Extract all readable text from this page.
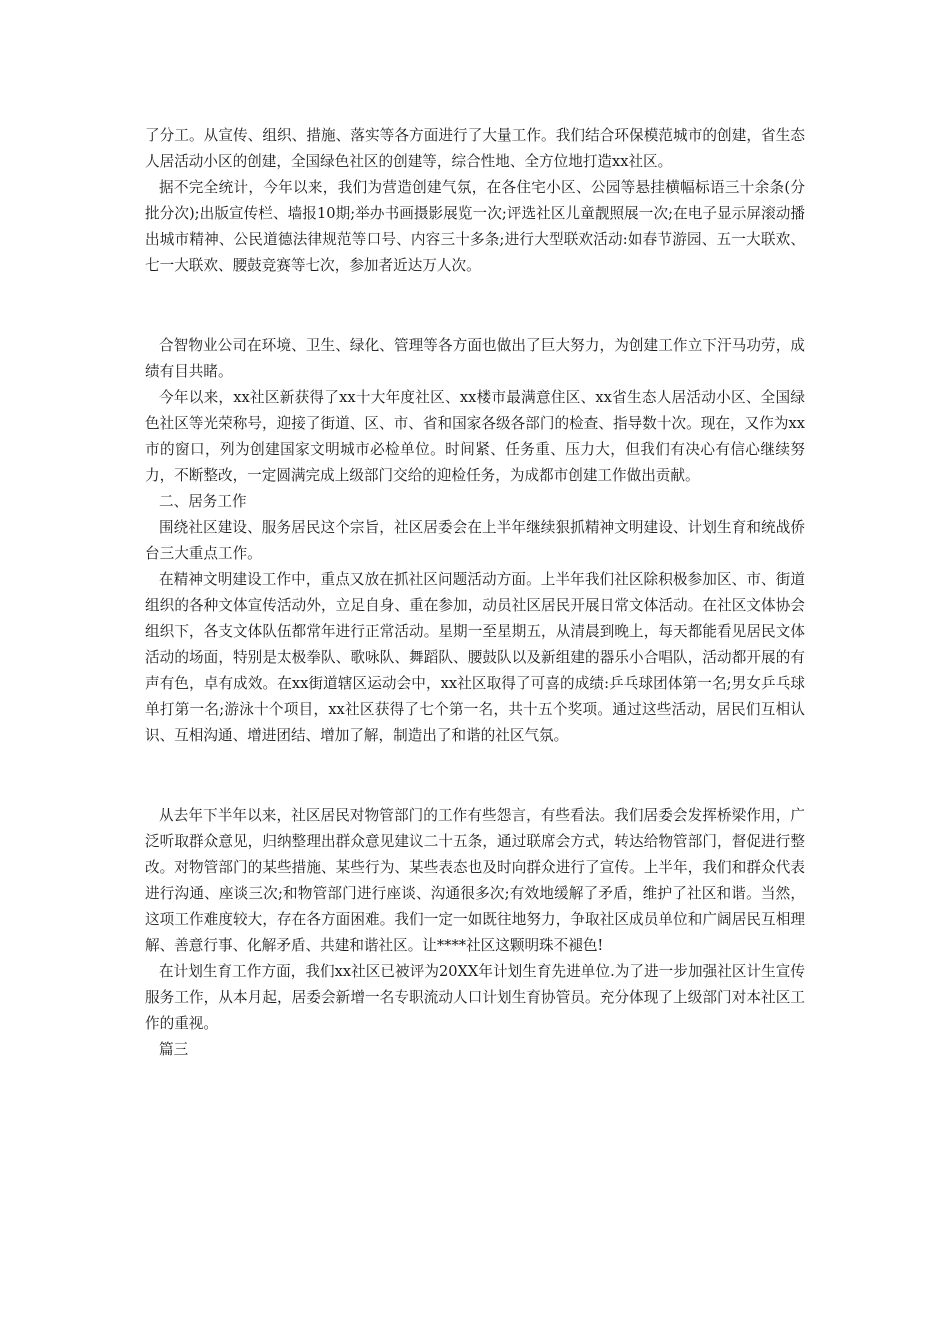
了分工。从宣传、组织、措施、落实等各方面进行了大量工作。我们结合环保模范城市的创建，省生态人居活动小区的创建，全国绿色社区的创建等，综合性地、全方位地打造xx社区。

据不完全统计，今年以来，我们为营造创建气氛，在各住宅小区、公园等悬挂横幅标语三十余条(分批分次);出版宣传栏、墙报10期;举办书画摄影展览一次;评选社区儿童靓照展一次;在电子显示屏滚动播出城市精神、公民道德法律规范等口号、内容三十多条;进行大型联欢活动:如春节游园、五一大联欢、七一大联欢、腰鼓竞赛等七次，参加者近达万人次。

合智物业公司在环境、卫生、绿化、管理等各方面也做出了巨大努力，为创建工作立下汗马功劳，成绩有目共睹。

今年以来，xx社区新获得了xx十大年度社区、xx楼市最满意住区、xx省生态人居活动小区、全国绿色社区等光荣称号，迎接了街道、区、市、省和国家各级各部门的检查、指导数十次。现在，又作为xx市的窗口，列为创建国家文明城市必检单位。时间紧、任务重、压力大，但我们有决心有信心继续努力，不断整改，一定圆满完成上级部门交给的迎检任务，为成都市创建工作做出贡献。

二、居务工作

围绕社区建设、服务居民这个宗旨，社区居委会在上半年继续狠抓精神文明建设、计划生育和统战侨台三大重点工作。

在精神文明建设工作中，重点又放在抓社区问题活动方面。上半年我们社区除积极参加区、市、街道组织的各种文体宣传活动外，立足自身、重在参加，动员社区居民开展日常文体活动。在社区文体协会组织下，各支文体队伍都常年进行正常活动。星期一至星期五，从清晨到晚上，每天都能看见居民文体活动的场面，特别是太极拳队、歌咏队、舞蹈队、腰鼓队以及新组建的器乐小合唱队，活动都开展的有声有色，卓有成效。在xx街道辖区运动会中，xx社区取得了可喜的成绩:乒乓球团体第一名;男女乒乓球单打第一名;游泳十个项目，xx社区获得了七个第一名，共十五个奖项。通过这些活动，居民们互相认识、互相沟通、增进团结、增加了解，制造出了和谐的社区气氛。

从去年下半年以来，社区居民对物管部门的工作有些怨言，有些看法。我们居委会发挥桥梁作用，广泛听取群众意见，归纳整理出群众意见建议二十五条，通过联席会方式，转达给物管部门，督促进行整改。对物管部门的某些措施、某些行为、某些表态也及时向群众进行了宣传。上半年，我们和群众代表进行沟通、座谈三次;和物管部门进行座谈、沟通很多次;有效地缓解了矛盾，维护了社区和谐。当然，这项工作难度较大，存在各方面困难。我们一定一如既往地努力，争取社区成员单位和广阔居民互相理解、善意行事、化解矛盾、共建和谐社区。让****社区这颗明珠不褪色!

在计划生育工作方面，我们xx社区已被评为20XX年计划生育先进单位.为了进一步加强社区计生宣传服务工作，从本月起，居委会新增一名专职流动人口计划生育协管员。充分体现了上级部门对本社区工作的重视。

篇三
